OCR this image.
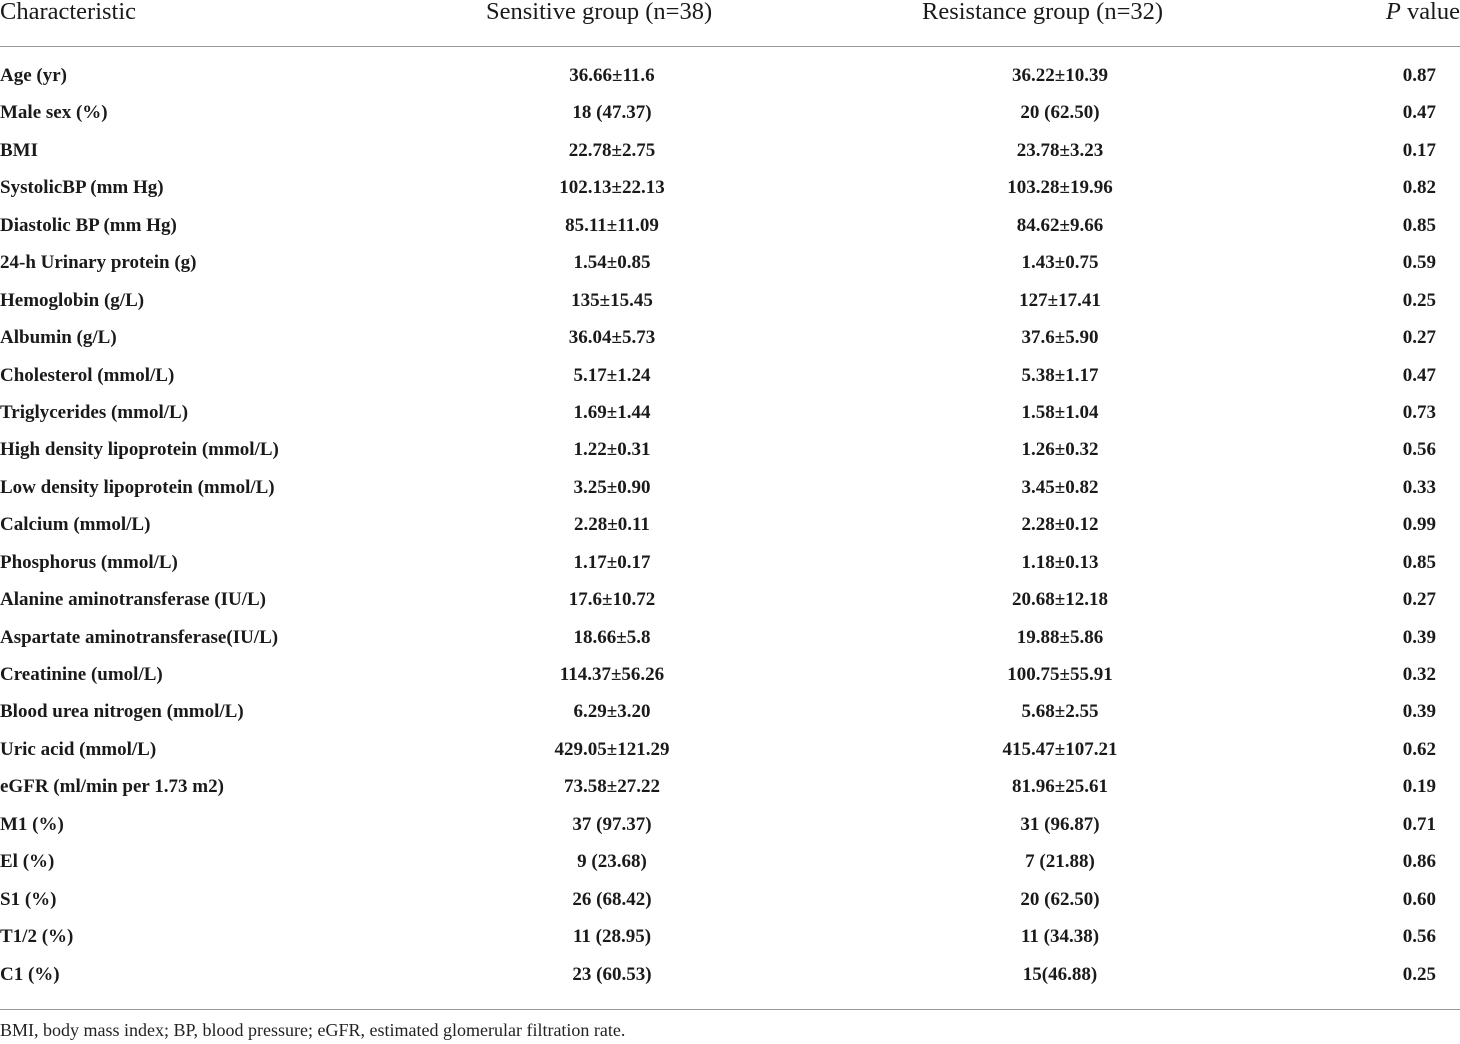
Characteristic	Sensitive group (n=38)	Resistance group (n=32)	P value
Age (yr)	36.66±11.6	36.22±10.39	0.87
Male sex (%)	18 (47.37)	20 (62.50)	0.47
BMI	22.78±2.75	23.78±3.23	0.17
SystolicBP (mm Hg)	102.13±22.13	103.28±19.96	0.82
Diastolic BP (mm Hg)	85.11±11.09	84.62±9.66	0.85
24-h Urinary protein (g)	1.54±0.85	1.43±0.75	0.59
Hemoglobin (g/L)	135±15.45	127±17.41	0.25
Albumin (g/L)	36.04±5.73	37.6±5.90	0.27
Cholesterol (mmol/L)	5.17±1.24	5.38±1.17	0.47
Triglycerides (mmol/L)	1.69±1.44	1.58±1.04	0.73
High density lipoprotein (mmol/L)	1.22±0.31	1.26±0.32	0.56
Low density lipoprotein (mmol/L)	3.25±0.90	3.45±0.82	0.33
Calcium (mmol/L)	2.28±0.11	2.28±0.12	0.99
Phosphorus (mmol/L)	1.17±0.17	1.18±0.13	0.85
Alanine aminotransferase (IU/L)	17.6±10.72	20.68±12.18	0.27
Aspartate aminotransferase(IU/L)	18.66±5.8	19.88±5.86	0.39
Creatinine (umol/L)	114.37±56.26	100.75±55.91	0.32
Blood urea nitrogen (mmol/L)	6.29±3.20	5.68±2.55	0.39
Uric acid (mmol/L)	429.05±121.29	415.47±107.21	0.62
eGFR (ml/min per 1.73 m2)	73.58±27.22	81.96±25.61	0.19
M1 (%)	37 (97.37)	31 (96.87)	0.71
El (%)	9 (23.68)	7 (21.88)	0.86
S1 (%)	26 (68.42)	20 (62.50)	0.60
T1/2 (%)	11 (28.95)	11 (34.38)	0.56
C1 (%)	23 (60.53)	15(46.88)	0.25
BMI, body mass index; BP, blood pressure; eGFR, estimated glomerular filtration rate.
